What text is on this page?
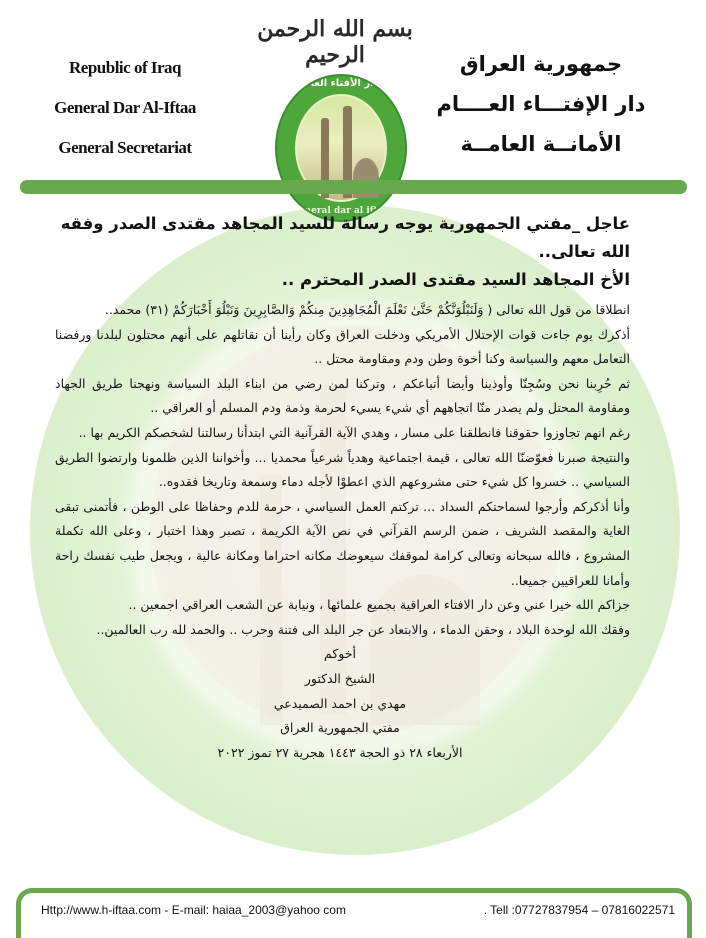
Republic of Iraq
General Dar Al-Iftaa
General Secretariat
بسم الله الرحمن الرحيم
دار الأفتاء العام
general dar al iftaa
جمهورية العراق
دار الإفتـــاء العــــام
الأمانــة العامــة

عاجل _مفتي الجمهورية يوجه رسالة للسيد المجاهد مقتدى الصدر وفقه الله تعالى..
الأخ المجاهد السيد مقتدى الصدر المحترم ..

انطلاقا من قول الله تعالى ( وَلَنَبْلُوَنَّكُمْ حَتَّىٰ نَعْلَمَ الْمُجَاهِدِينَ مِنكُمْ وَالصَّابِرِينَ وَنَبْلُوَ أَخْبَارَكُمْ (٣١) محمد..

أذكرك يوم جاءت قوات الإحتلال الأمريكي ودخلت العراق وكان رأينا أن نقاتلهم على أنهم محتلون لبلدنا ورفضنا التعامل معهم والسياسة وكنا أخوة وطن ودم ومقاومة محتل ..

ثم حُرِبنا نحن وسُجِنّا وأوذينا وأيضا أتباعكم ، وتركنا لمن رضي من ابناء البلد السياسة ونهجنا طريق الجهاد ومقاومة المحتل ولم يصدر منّا اتجاههم أي شيء يسيء لحرمة وذمة ودم المسلم أو العراقي ..

رغم انهم تجاوزوا حقوقنا فانطلقنا على مسار ، وهدي الآية القرآنية التي ابتدأنا رسالتنا لشخصكم الكريم بها ..

والنتيجة صبرنا فعوّضنّا الله تعالى ، قيمة اجتماعية وهدياً شرعياً محمديا ... وأخواننا الذين ظلمونا وارتضوا الطريق السياسي .. خسروا كل شيء حتى مشروعهم الذي اعطوْا لأجله دماء وسمعة وتاريخا فقدوه..

وأنا أذكركم وأرجوا لسماحتكم السداد ... تركتم العمل السياسي ، حرمة للدم وحفاظا على الوطن ، فأتمنى تبقى الغاية والمقصد الشريف ، ضمن الرسم القرآني في نص الآية الكريمة ، تصبر وهذا اختبار ، وعلى الله تكملة المشروع ، فالله سبحانه وتعالى كرامة لموقفك سيعوضك مكانه احتراما ومكانة عالية ، ويجعل طيب نفسك راحة وأمانا للعراقيين جميعا..

جزاكم الله خيرا عني وعن دار الافتاء العراقية بجميع علمائها ، ونيابة عن الشعب العراقي اجمعين ..

وفقك الله لوحدة البلاد ، وحقن الدماء ، والابتعاد عن جر البلد الى فتنة وحرب .. والحمد لله رب العالمين..

أخوكم
الشيخ الدكتور
مهدي بن احمد الصميدعي
مفتي الجمهورية العراق
الأربعاء ٢٨ ذو الحجة ١٤٤٣ هجرية ٢٧ تموز ٢٠٢٢
Http://www.h-iftaa.com - E-mail: haiaa_2003@yahoo com	. Tell :07727837954 – 07816022571
